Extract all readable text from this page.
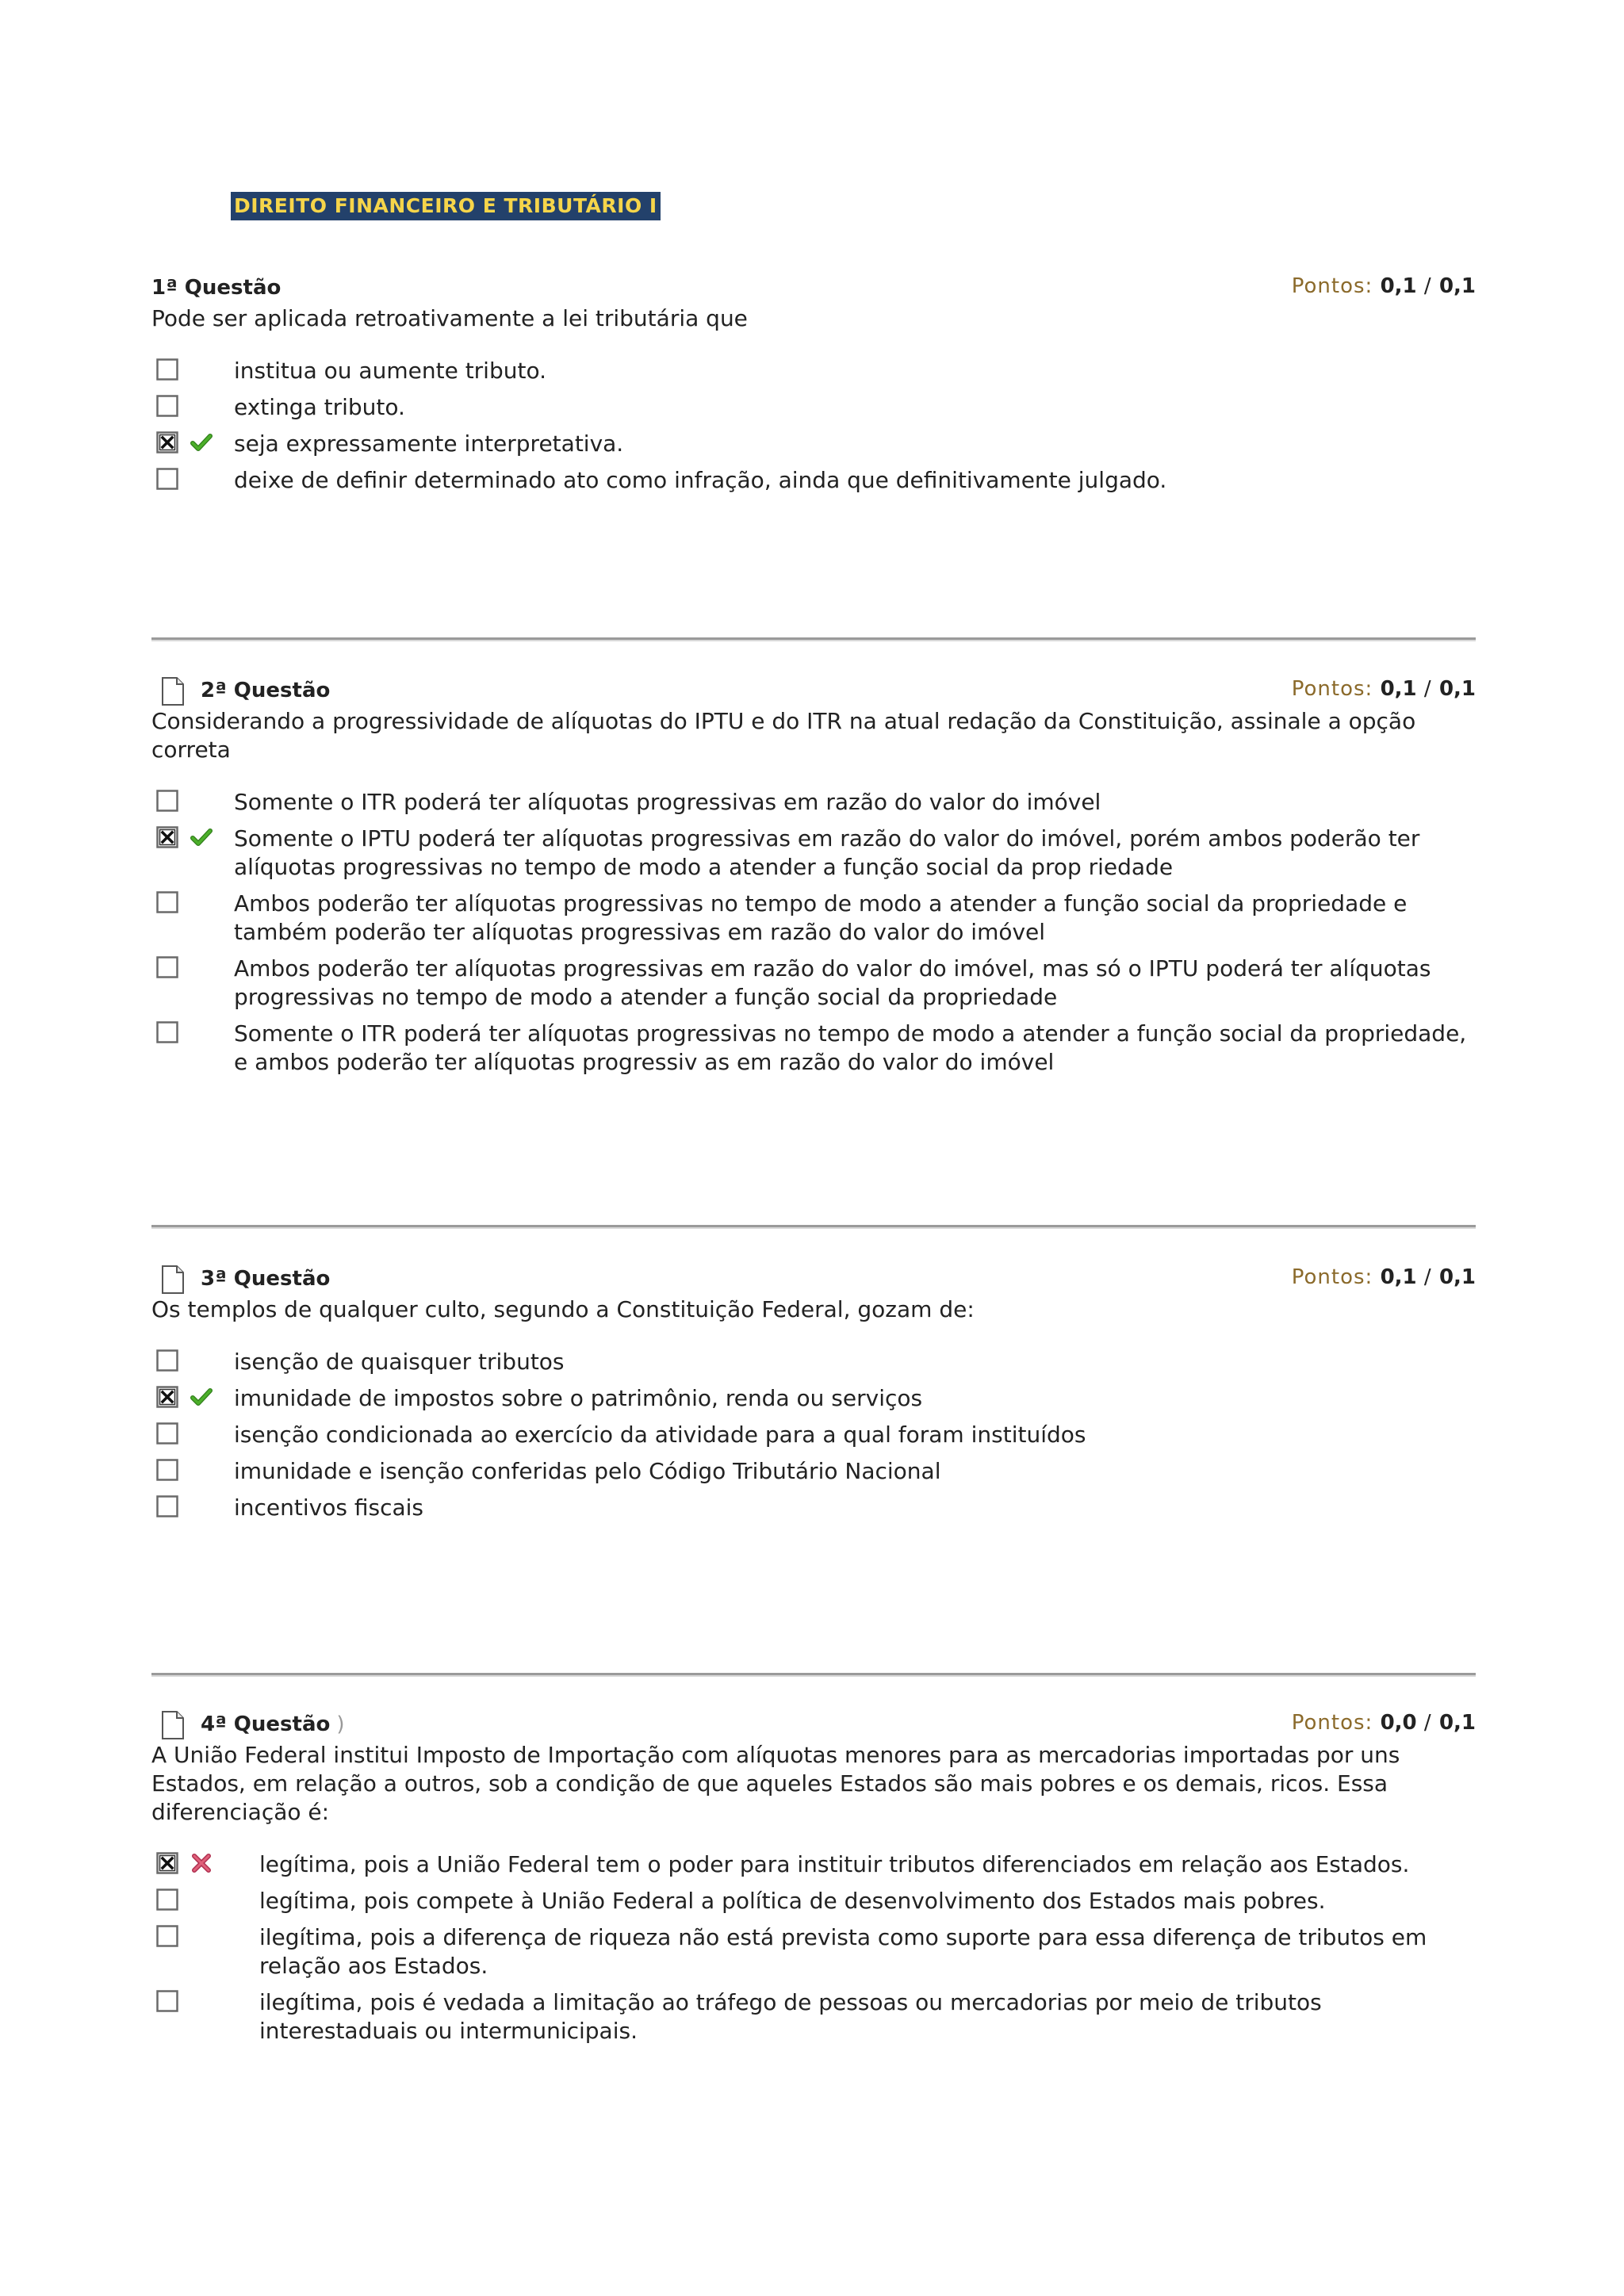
DIREITO FINANCEIRO E TRIBUTÁRIO I
1ª Questão	Pontos: 0,1 / 0,1
Pode ser aplicada retroativamente a lei tributária que
institua ou aumente tributo.
extinga tributo.
seja expressamente interpretativa.
deixe de definir determinado ato como infração, ainda que definitivamente julgado.
2ª Questão	Pontos: 0,1 / 0,1
Considerando a progressividade de alíquotas do IPTU e do ITR na atual redação da Constituição, assinale a opção correta
Somente o ITR poderá ter alíquotas progressivas em razão do valor do imóvel
Somente o IPTU poderá ter alíquotas progressivas em razão do valor do imóvel, porém ambos poderão ter alíquotas progressivas no tempo de modo a atender a função social da prop riedade
Ambos poderão ter alíquotas progressivas no tempo de modo a atender a função social da propriedade e também poderão ter alíquotas progressivas em razão do valor do imóvel
Ambos poderão ter alíquotas progressivas em razão do valor do imóvel, mas só o IPTU poderá ter alíquotas progressivas no tempo de modo a atender a função social da propriedade
Somente o ITR poderá ter alíquotas progressivas no tempo de modo a atender a função social da propriedade, e ambos poderão ter alíquotas progressiv as em razão do valor do imóvel
3ª Questão	Pontos: 0,1 / 0,1
Os templos de qualquer culto, segundo a Constituição Federal, gozam de:
isenção de quaisquer tributos
imunidade de impostos sobre o patrimônio, renda ou serviços
isenção condicionada ao exercício da atividade para a qual foram instituídos
imunidade e isenção conferidas pelo Código Tributário Nacional
incentivos fiscais
4ª Questão )	Pontos: 0,0 / 0,1
A União Federal institui Imposto de Importação com alíquotas menores para as mercadorias importadas por uns Estados, em relação a outros, sob a condição de que aqueles Estados são mais pobres e os demais, ricos. Essa diferenciação é:
legítima, pois a União Federal tem o poder para instituir tributos diferenciados em relação aos Estados.
legítima, pois compete à União Federal a política de desenvolvimento dos Estados mais pobres.
ilegítima, pois a diferença de riqueza não está prevista como suporte para essa diferença de tributos em relação aos Estados.
ilegítima, pois é vedada a limitação ao tráfego de pessoas ou mercadorias por meio de tributos interestaduais ou intermunicipais.
